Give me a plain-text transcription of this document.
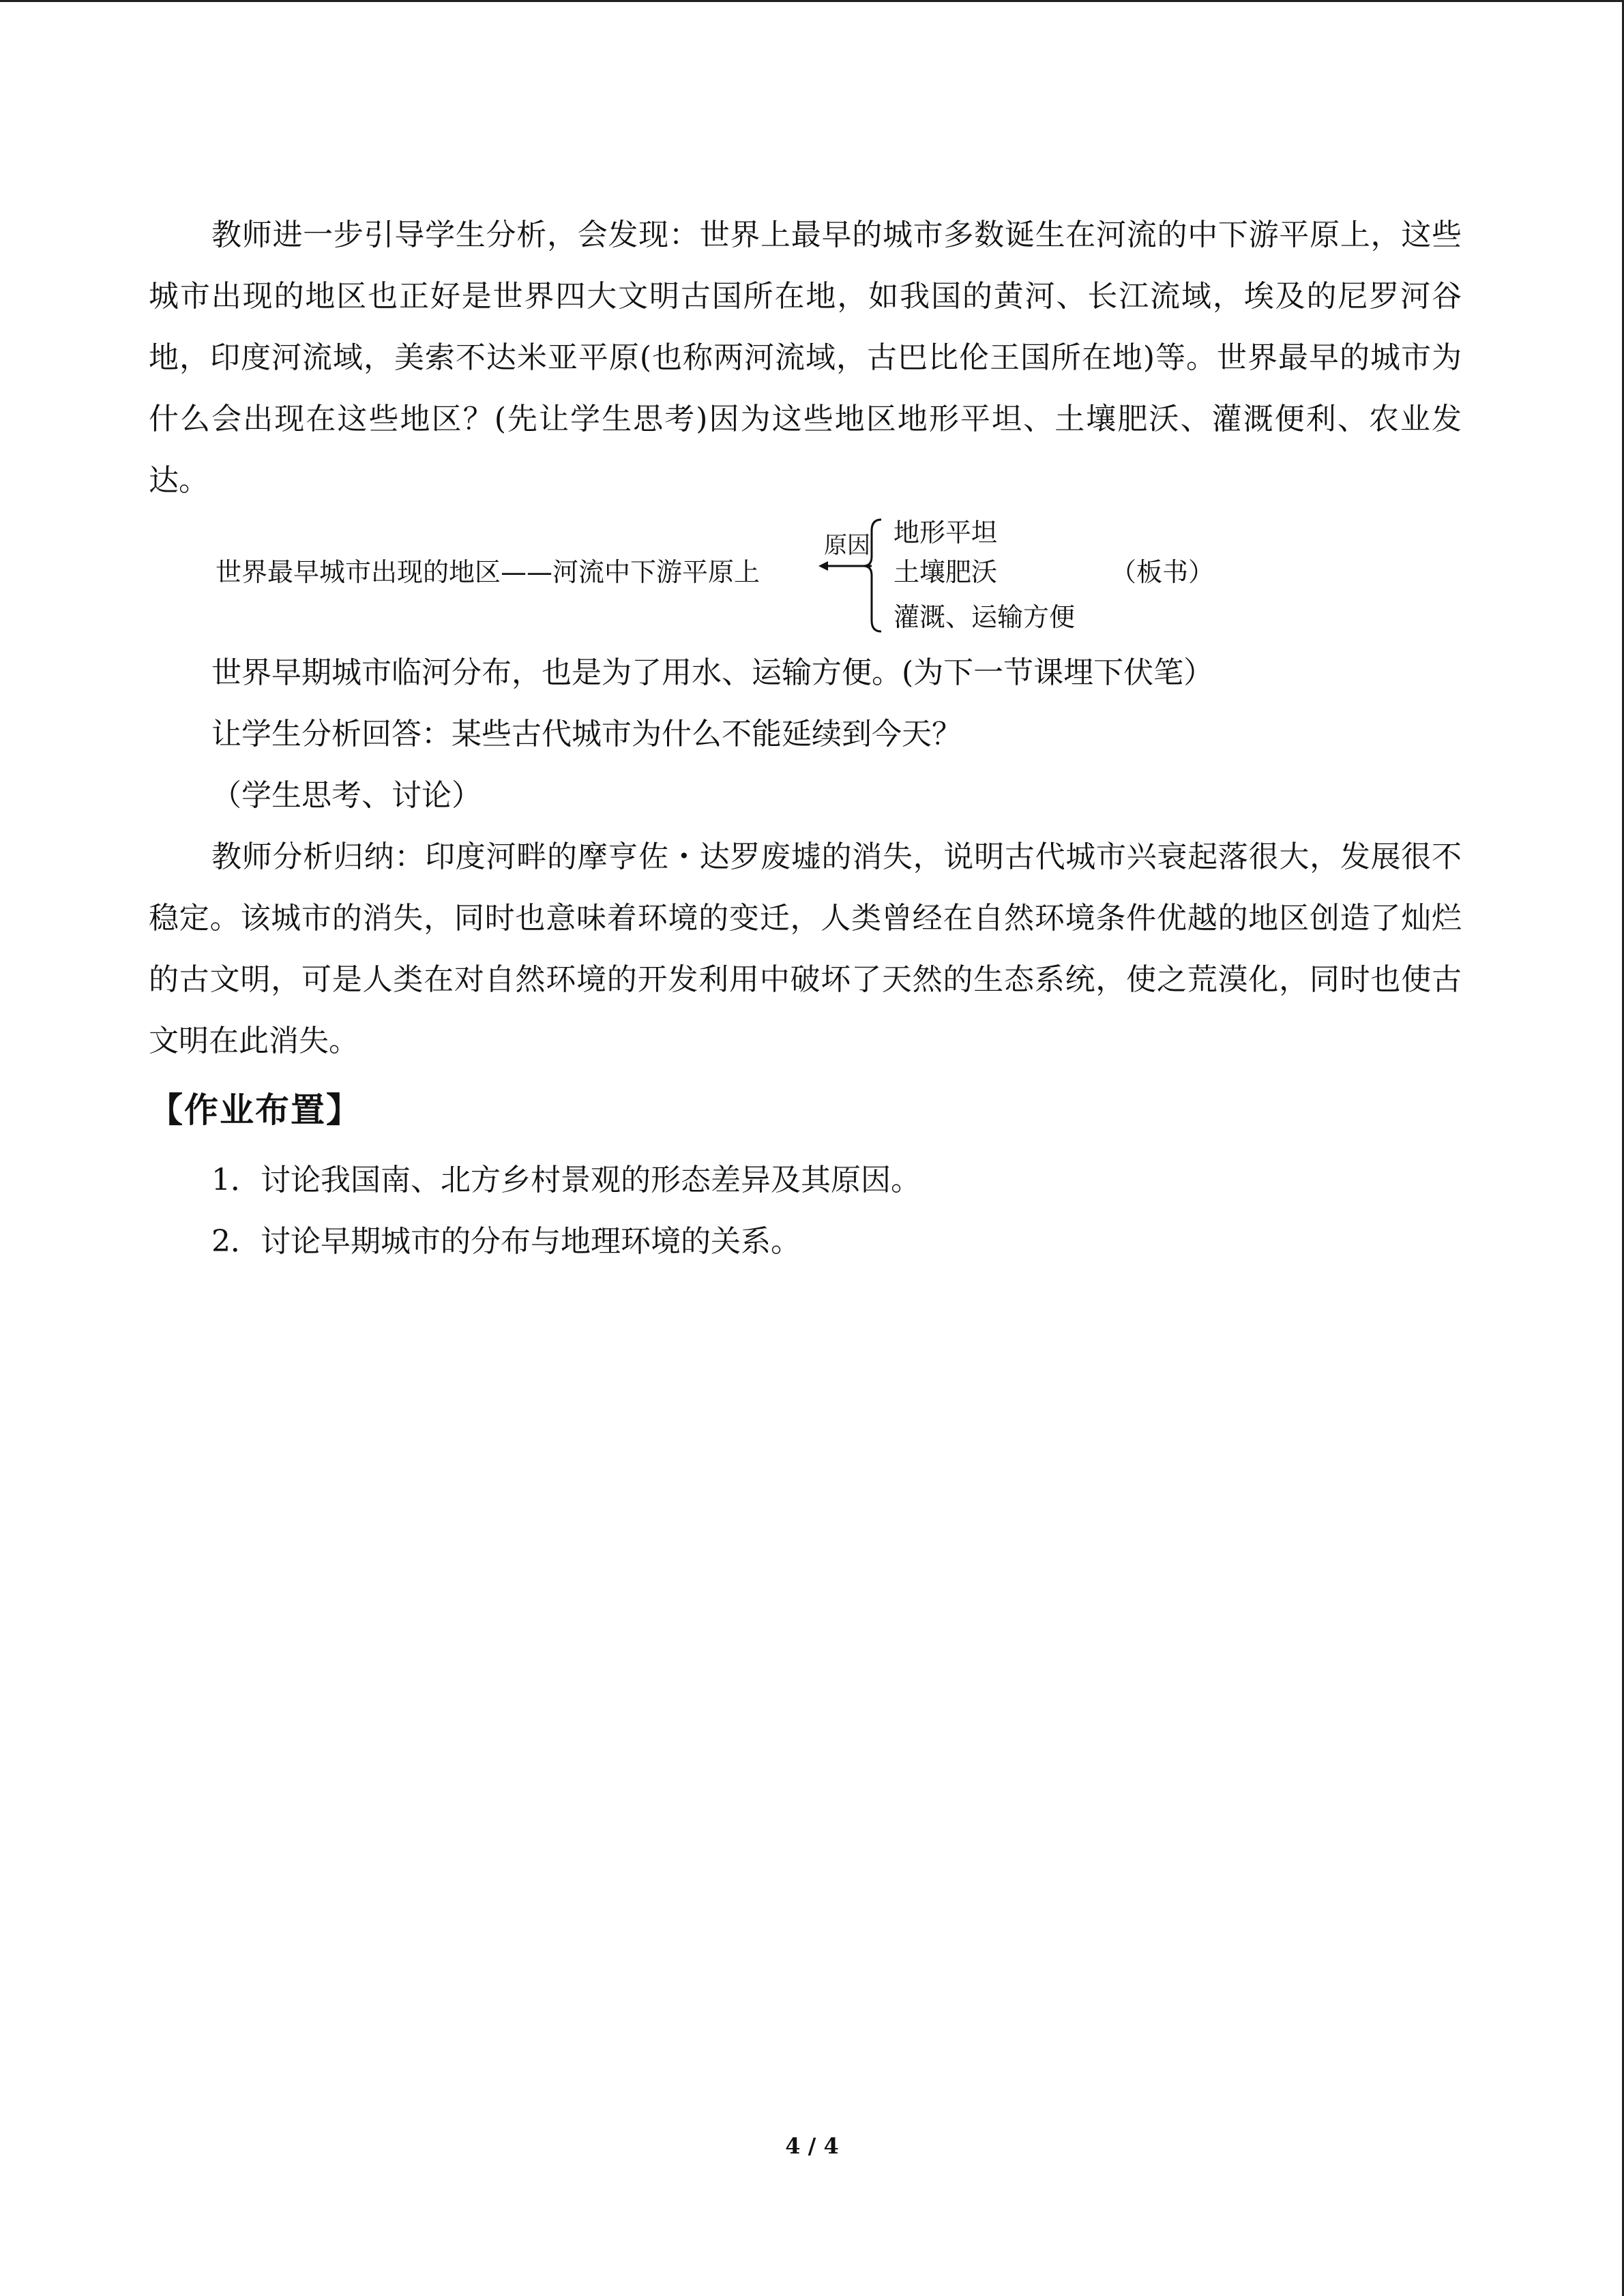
教师进一步引导学生分析，会发现：世界上最早的城市多数诞生在河流的中下游平原上，这些城市出现的地区也正好是世界四大文明古国所在地，如我国的黄河、长江流域，埃及的尼罗河谷地，印度河流域，美索不达米亚平原(也称两河流域，古巴比伦王国所在地)等。世界最早的城市为什么会出现在这些地区？(先让学生思考)因为这些地区地形平坦、土壤肥沃、灌溉便利、农业发达。

世界最早城市出现的地区——河流中下游平原上
原因 地形平坦
土壤肥沃
灌溉、运输方便
（板书）

世界早期城市临河分布，也是为了用水、运输方便。(为下一节课埋下伏笔）

让学生分析回答：某些古代城市为什么不能延续到今天？

（学生思考、讨论）

教师分析归纳：印度河畔的摩亨佐・达罗废墟的消失，说明古代城市兴衰起落很大，发展很不稳定。该城市的消失，同时也意味着环境的变迁，人类曾经在自然环境条件优越的地区创造了灿烂的古文明，可是人类在对自然环境的开发利用中破坏了天然的生态系统，使之荒漠化，同时也使古文明在此消失。

【作业布置】

1．讨论我国南、北方乡村景观的形态差异及其原因。

2．讨论早期城市的分布与地理环境的关系。

4 / 4
